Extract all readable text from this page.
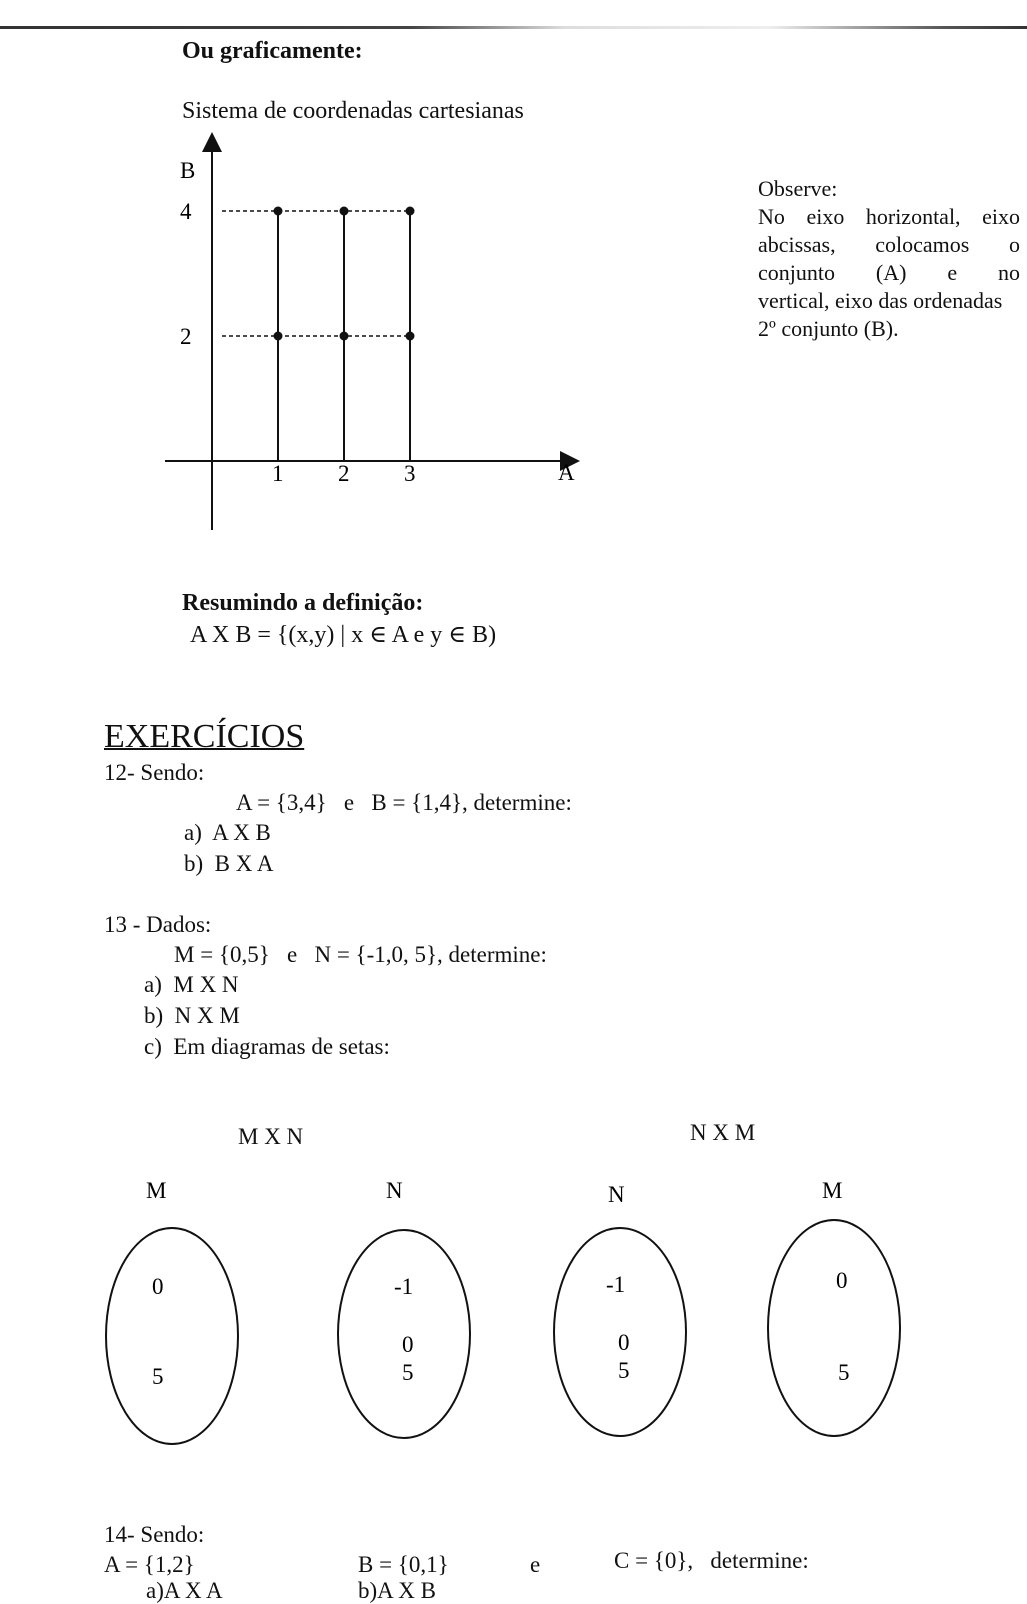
Ou graficamente:
Sistema de coordenadas cartesianas
B
A
1 2 3
4
2
Observe:
No eixo horizontal, eixo
abcissas, colocamos o
conjunto (A) e no
vertical, eixo das ordenadas
2º conjunto (B).
Resumindo a definição:
A X B = {(x,y) | x ∈ A e y ∈ B)
EXERCÍCIOS
12- Sendo:
A = {3,4}   e   B = {1,4}, determine:
a)  A X B
b)  B X A
13 - Dados:
M = {0,5}   e   N = {-1,0, 5}, determine:
a)  M X N
b)  N X M
c)  Em diagramas de setas:
M X N	N X M
M
0
5
N
-1
0
5
N
-1
0
5
M
0
5
14- Sendo:
A = {1,2}	B = {0,1}	e	C = {0},   determine:
a)A X A	b)A X B
